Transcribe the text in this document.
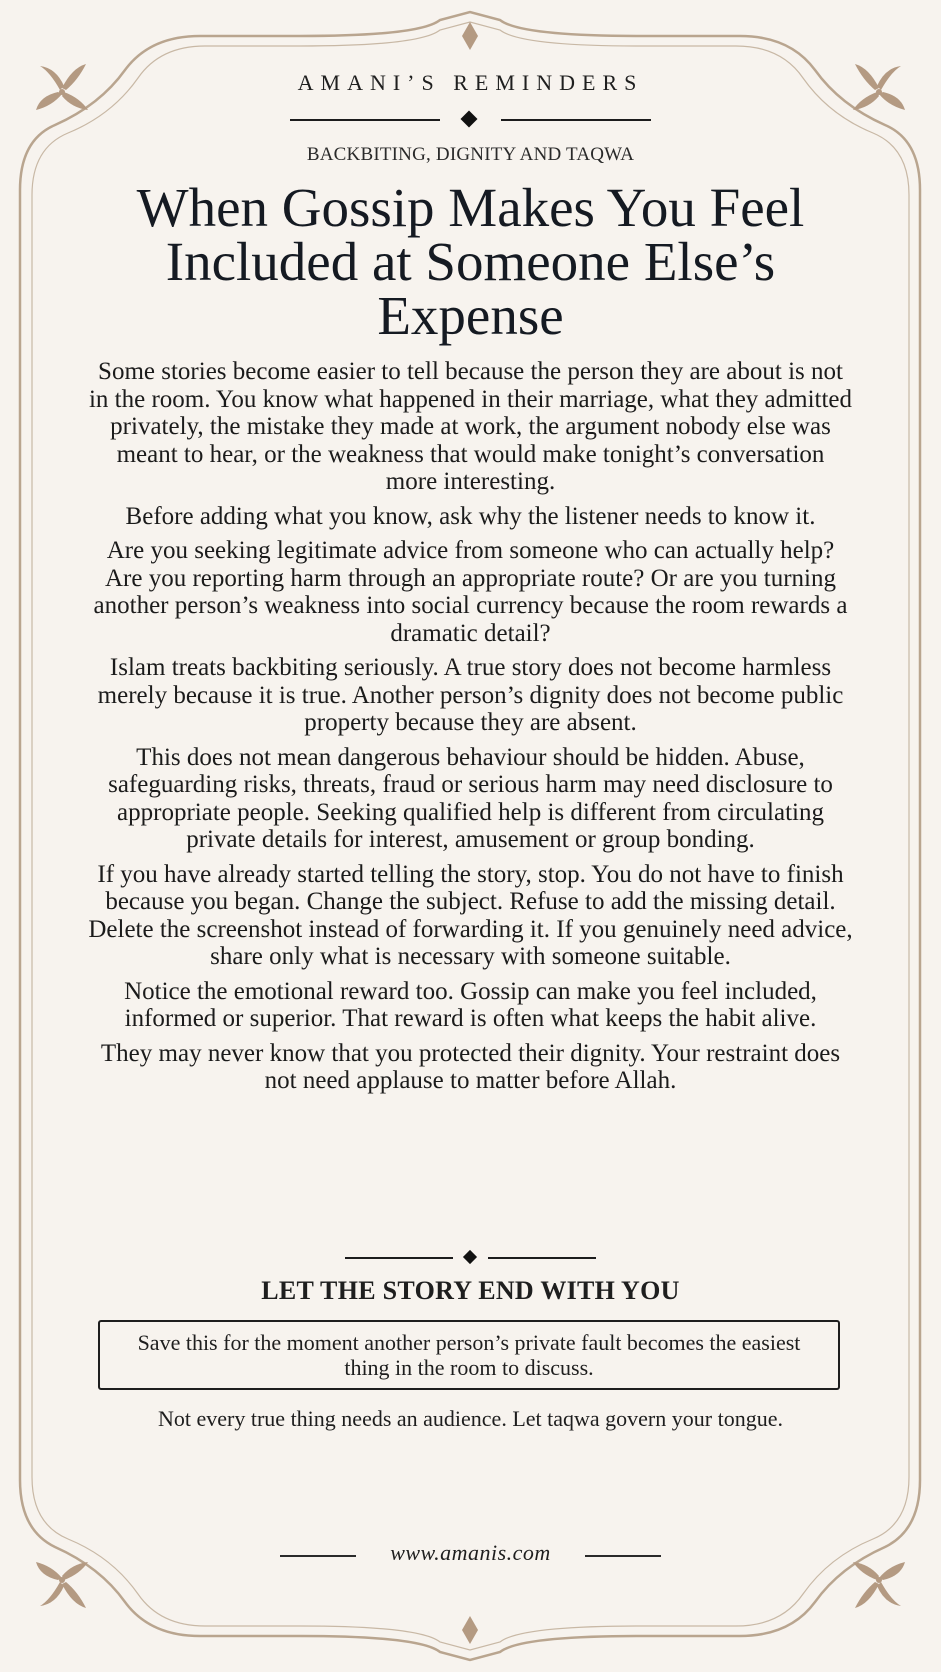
AMANI’S REMINDERS
BACKBITING, DIGNITY AND TAQWA
When Gossip Makes You Feel Included at Someone Else’s Expense

Some stories become easier to tell because the person they are about is not in the room. You know what happened in their marriage, what they admitted privately, the mistake they made at work, the argument nobody else was meant to hear, or the weakness that would make tonight’s conversation more interesting.

Before adding what you know, ask why the listener needs to know it.

Are you seeking legitimate advice from someone who can actually help? Are you reporting harm through an appropriate route? Or are you turning another person’s weakness into social currency because the room rewards a dramatic detail?

Islam treats backbiting seriously. A true story does not become harmless merely because it is true. Another person’s dignity does not become public property because they are absent.

This does not mean dangerous behaviour should be hidden. Abuse, safeguarding risks, threats, fraud or serious harm may need disclosure to appropriate people. Seeking qualified help is different from circulating private details for interest, amusement or group bonding.

If you have already started telling the story, stop. You do not have to finish because you began. Change the subject. Refuse to add the missing detail. Delete the screenshot instead of forwarding it. If you genuinely need advice, share only what is necessary with someone suitable.

Notice the emotional reward too. Gossip can make you feel included, informed or superior. That reward is often what keeps the habit alive.

They may never know that you protected their dignity. Your restraint does not need applause to matter before Allah.

LET THE STORY END WITH YOU
Save this for the moment another person’s private fault becomes the easiest thing in the room to discuss.
Not every true thing needs an audience. Let taqwa govern your tongue.
www.amanis.com
